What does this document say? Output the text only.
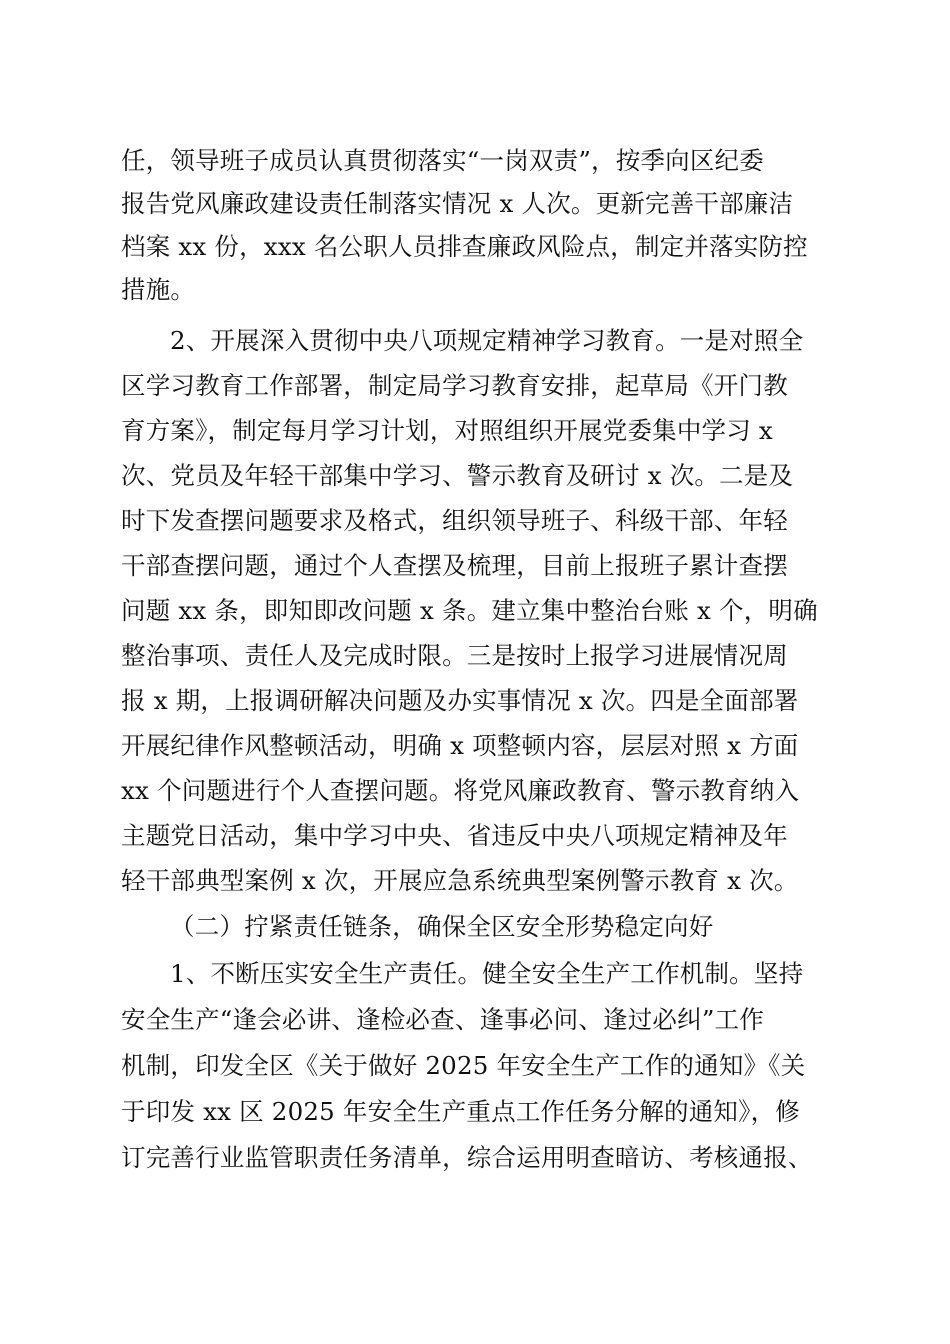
任，领导班子成员认真贯彻落实“一岗双责”，按季向区纪委
报告党风廉政建设责任制落实情况 x 人次。更新完善干部廉洁
档案 xx 份，xxx 名公职人员排查廉政风险点，制定并落实防控
措施。
2、开展深入贯彻中央八项规定精神学习教育。一是对照全
区学习教育工作部署，制定局学习教育安排，起草局《开门教
育方案》，制定每月学习计划，对照组织开展党委集中学习 x
次、党员及年轻干部集中学习、警示教育及研讨 x 次。二是及
时下发查摆问题要求及格式，组织领导班子、科级干部、年轻
干部查摆问题，通过个人查摆及梳理，目前上报班子累计查摆
问题 xx 条，即知即改问题 x 条。建立集中整治台账 x 个，明确
整治事项、责任人及完成时限。三是按时上报学习进展情况周
报 x 期，上报调研解决问题及办实事情况 x 次。四是全面部署
开展纪律作风整顿活动，明确 x 项整顿内容，层层对照 x 方面
xx 个问题进行个人查摆问题。将党风廉政教育、警示教育纳入
主题党日活动，集中学习中央、省违反中央八项规定精神及年
轻干部典型案例 x 次，开展应急系统典型案例警示教育 x 次。
（二）拧紧责任链条，确保全区安全形势稳定向好
1、不断压实安全生产责任。健全安全生产工作机制。坚持
安全生产“逢会必讲、逢检必查、逢事必问、逢过必纠”工作
机制，印发全区《关于做好 2025 年安全生产工作的通知》《关
于印发 xx 区 2025 年安全生产重点工作任务分解的通知》，修
订完善行业监管职责任务清单，综合运用明查暗访、考核通报、
